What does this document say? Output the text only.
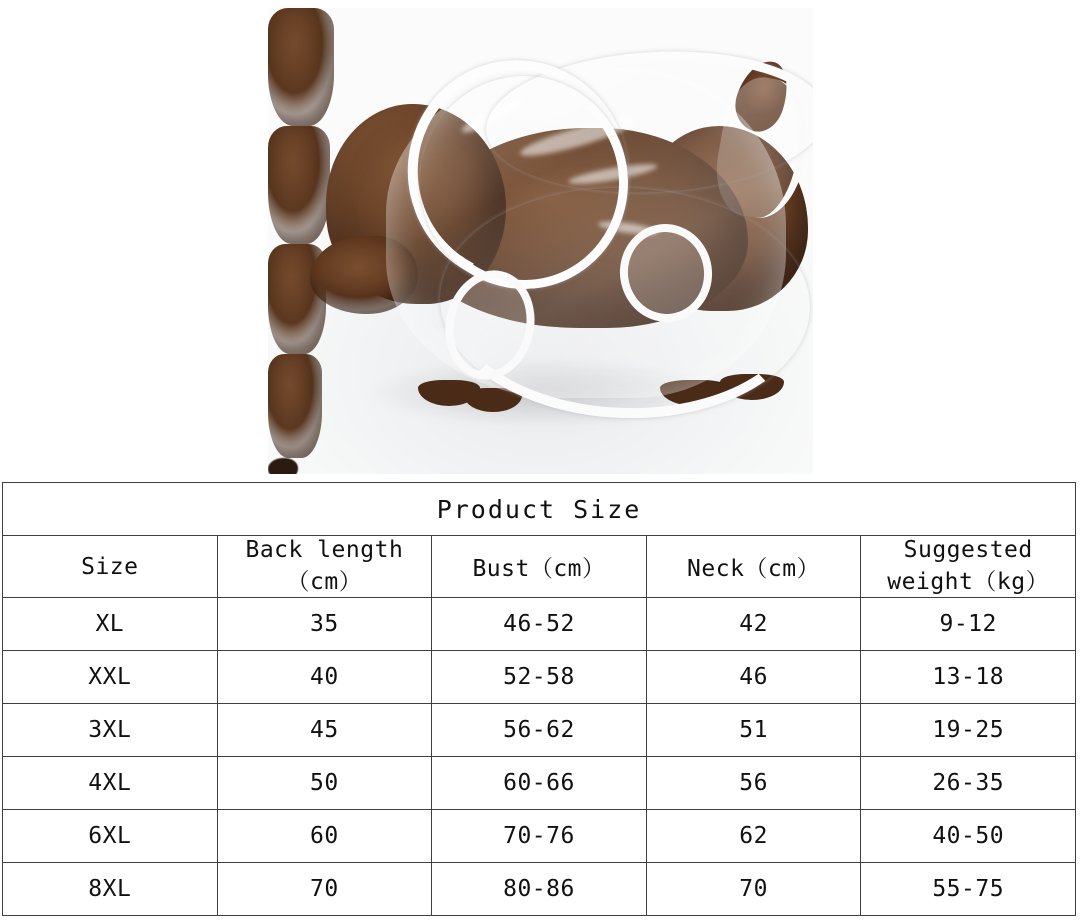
Product Size				
Size	Back length（cm）	Bust（cm）	Neck（cm）	Suggested weight（kg）
XL	35	46-52	42	9-12
XXL	40	52-58	46	13-18
3XL	45	56-62	51	19-25
4XL	50	60-66	56	26-35
6XL	60	70-76	62	40-50
8XL	70	80-86	70	55-75
